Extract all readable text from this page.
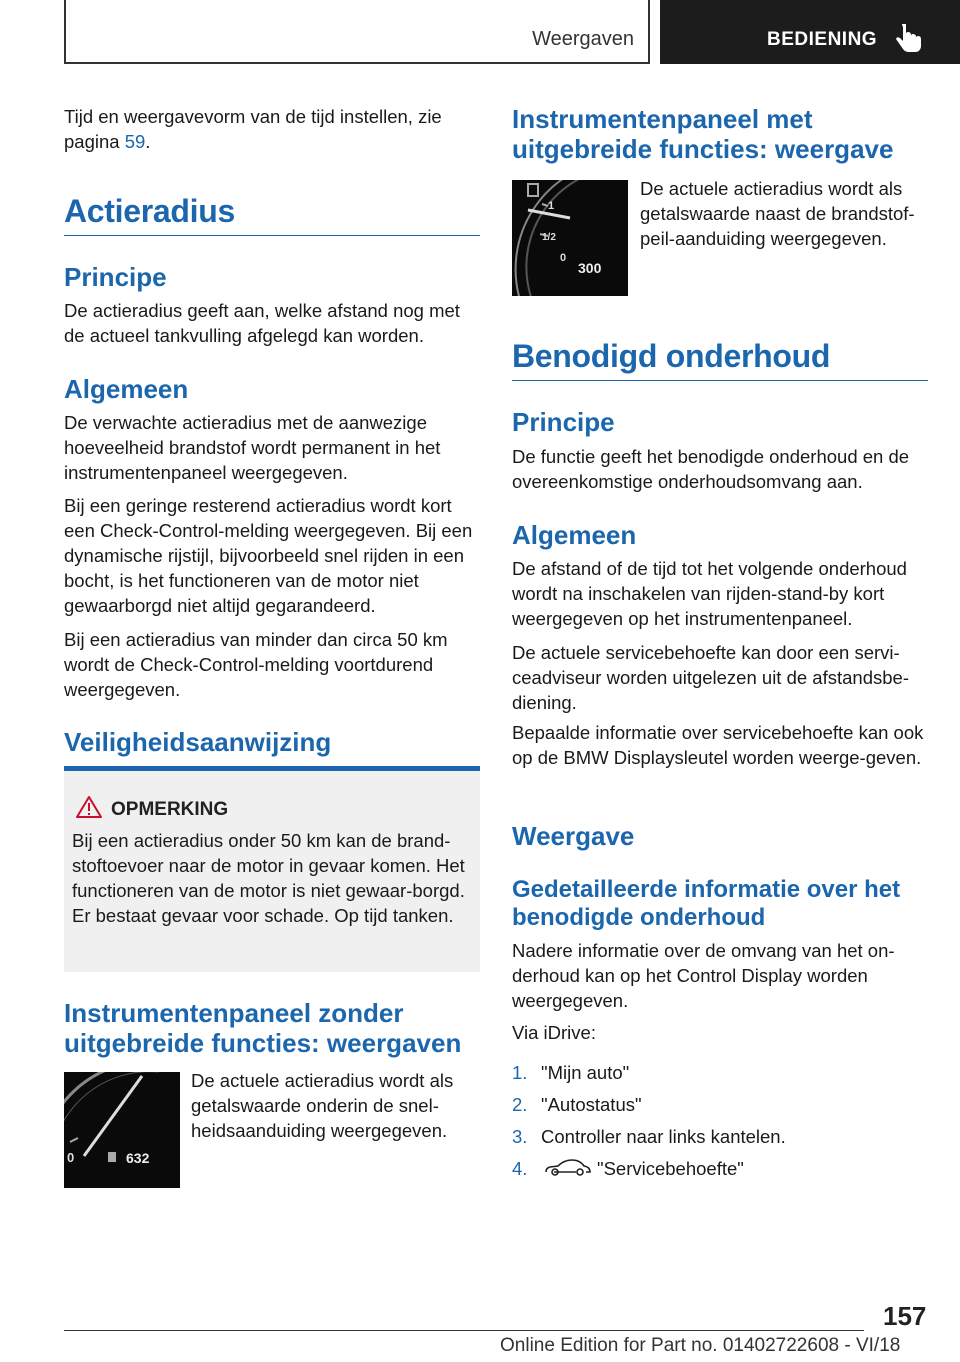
Weergaven	BEDIENING

Tijd en weergavevorm van de tijd instellen, zie pagina 59.

Actieradius
Principe

De actieradius geeft aan, welke afstand nog met de actueel tankvulling afgelegd kan worden.

Algemeen

De verwachte actieradius met de aanwezige hoeveelheid brandstof wordt permanent in het instrumentenpaneel weergegeven.

Bij een geringe resterend actieradius wordt kort een Check-Control-melding weergegeven. Bij een dynamische rijstijl, bijvoorbeeld snel rijden in een bocht, is het functioneren van de motor niet gewaarborgd niet altijd gegarandeerd.

Bij een actieradius van minder dan circa 50 km wordt de Check-Control-melding voortdurend weergegeven.

Veiligheidsaanwijzing
OPMERKING
Bij een actieradius onder 50 km kan de brand-stoftoevoer naar de motor in gevaar komen. Het functioneren van de motor is niet gewaar-borgd. Er bestaat gevaar voor schade. Op tijd tanken.
Instrumentenpaneel zonder uitgebreide functies: weergaven
0	632

De actuele actieradius wordt als getalswaarde onderin de snel-heidsaanduiding weergegeven.

Instrumentenpaneel met uitgebreide functies: weergave
1
1/2
0
300

De actuele actieradius wordt als getalswaarde naast de brandstof-peil-aanduiding weergegeven.

Benodigd onderhoud
Principe

De functie geeft het benodigde onderhoud en de overeenkomstige onderhoudsomvang aan.

Algemeen

De afstand of de tijd tot het volgende onderhoud wordt na inschakelen van rijden-stand-by kort weergegeven op het instrumentenpaneel.

De actuele servicebehoefte kan door een servi-ceadviseur worden uitgelezen uit de afstandsbe-diening.

Bepaalde informatie over servicebehoefte kan ook op de BMW Displaysleutel worden weerge-geven.

Weergave
Gedetailleerde informatie over het benodigde onderhoud

Nadere informatie over de omvang van het on-derhoud kan op het Control Display worden weergegeven.

Via iDrive:

1. "Mijn auto"
2. "Autostatus"
3. Controller naar links kantelen.
4.	"Servicebehoefte"
157
Online Edition for Part no. 01402722608 - VI/18
